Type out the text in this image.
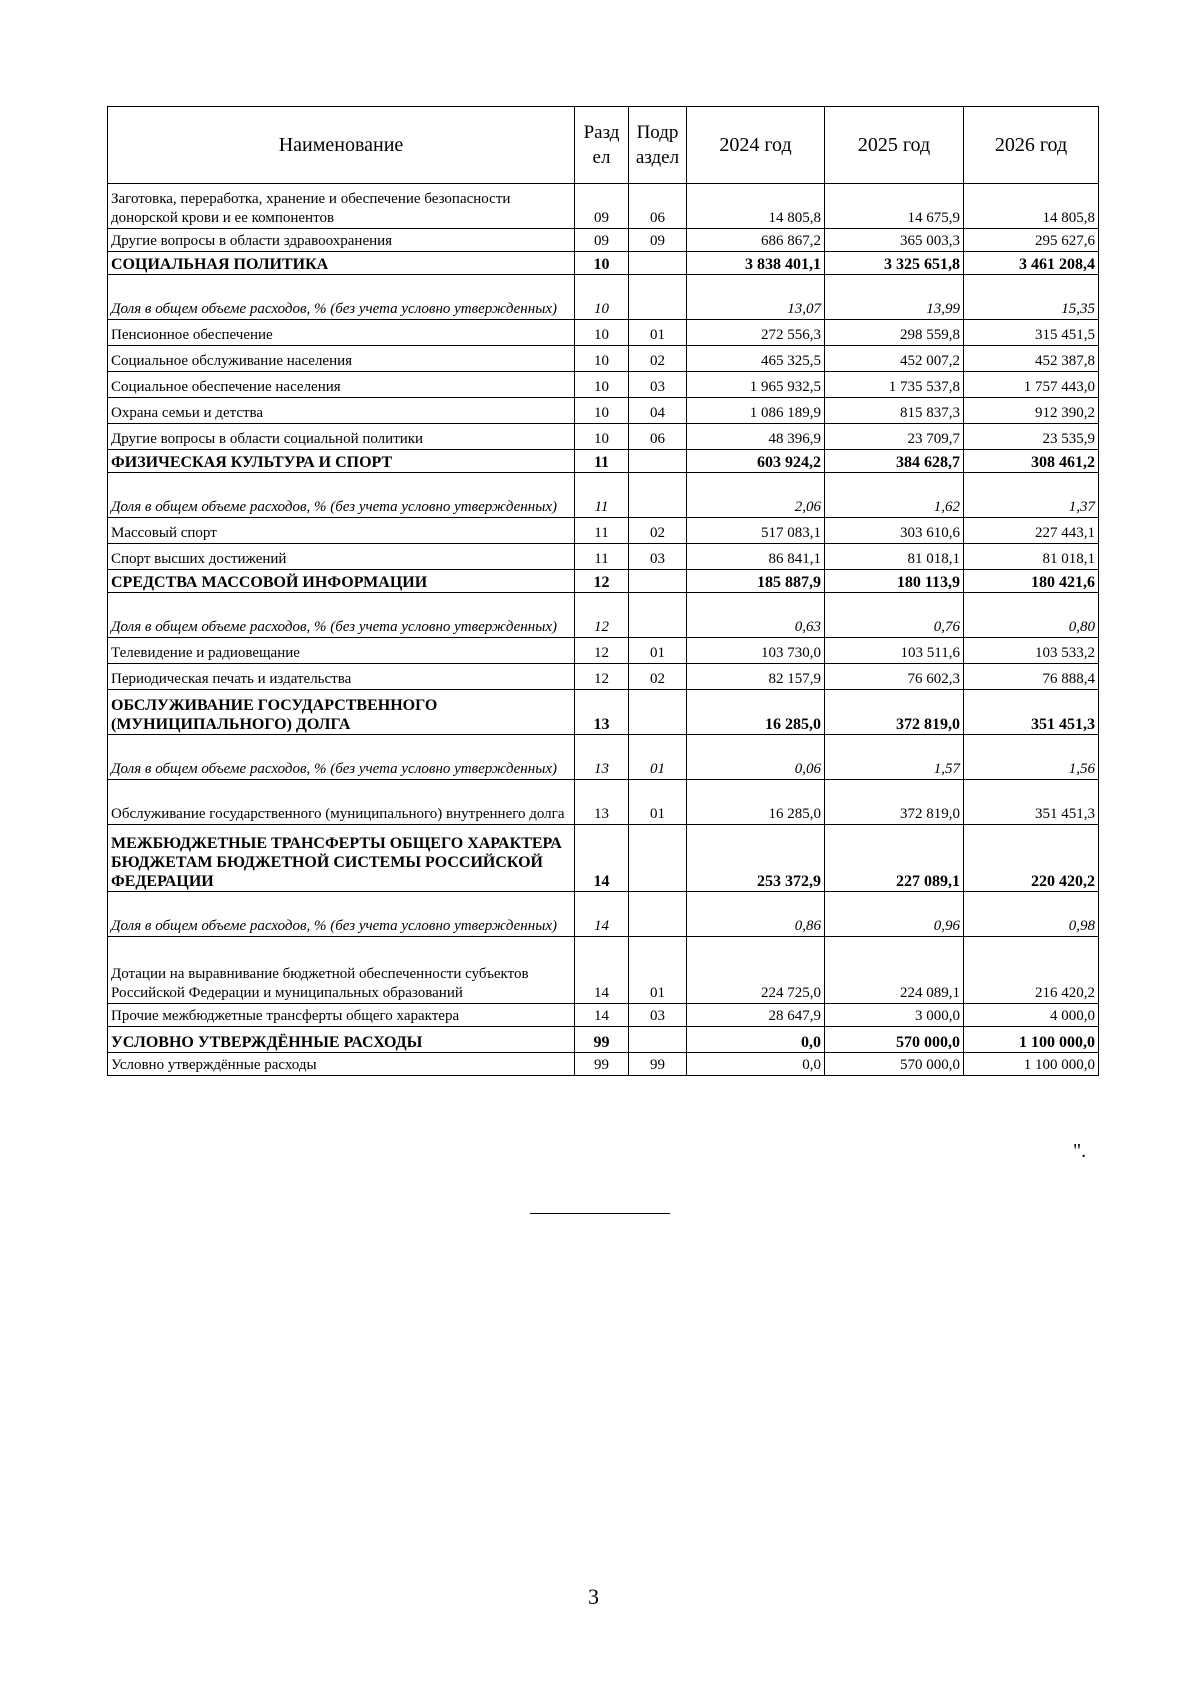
Наименование	Разд ел	Подр аздел	2024 год	2025 год	2026 год
Заготовка, переработка, хранение и обеспечение безопасности донорской крови и ее компонентов	09	06	14 805,8	14 675,9	14 805,8
Другие вопросы в области здравоохранения	09	09	686 867,2	365 003,3	295 627,6
СОЦИАЛЬНАЯ ПОЛИТИКА	10		3 838 401,1	3 325 651,8	3 461 208,4
Доля в общем объеме расходов, % (без учета условно утвержденных)	10		13,07	13,99	15,35
Пенсионное обеспечение	10	01	272 556,3	298 559,8	315 451,5
Социальное обслуживание населения	10	02	465 325,5	452 007,2	452 387,8
Социальное обеспечение населения	10	03	1 965 932,5	1 735 537,8	1 757 443,0
Охрана семьи и детства	10	04	1 086 189,9	815 837,3	912 390,2
Другие вопросы в области социальной политики	10	06	48 396,9	23 709,7	23 535,9
ФИЗИЧЕСКАЯ КУЛЬТУРА И СПОРТ	11		603 924,2	384 628,7	308 461,2
Доля в общем объеме расходов, % (без учета условно утвержденных)	11		2,06	1,62	1,37
Массовый спорт	11	02	517 083,1	303 610,6	227 443,1
Спорт высших достижений	11	03	86 841,1	81 018,1	81 018,1
СРЕДСТВА МАССОВОЙ ИНФОРМАЦИИ	12		185 887,9	180 113,9	180 421,6
Доля в общем объеме расходов, % (без учета условно утвержденных)	12		0,63	0,76	0,80
Телевидение и радиовещание	12	01	103 730,0	103 511,6	103 533,2
Периодическая печать и издательства	12	02	82 157,9	76 602,3	76 888,4
ОБСЛУЖИВАНИЕ ГОСУДАРСТВЕННОГО (МУНИЦИПАЛЬНОГО) ДОЛГА	13		16 285,0	372 819,0	351 451,3
Доля в общем объеме расходов, % (без учета условно утвержденных)	13	01	0,06	1,57	1,56
Обслуживание государственного (муниципального) внутреннего долга	13	01	16 285,0	372 819,0	351 451,3
МЕЖБЮДЖЕТНЫЕ ТРАНСФЕРТЫ ОБЩЕГО ХАРАКТЕРА БЮДЖЕТАМ БЮДЖЕТНОЙ СИСТЕМЫ РОССИЙСКОЙ ФЕДЕРАЦИИ	14		253 372,9	227 089,1	220 420,2
Доля в общем объеме расходов, % (без учета условно утвержденных)	14		0,86	0,96	0,98
Дотации на выравнивание бюджетной обеспеченности субъектов Российской Федерации и муниципальных образований	14	01	224 725,0	224 089,1	216 420,2
Прочие межбюджетные трансферты общего характера	14	03	28 647,9	3 000,0	4 000,0
УСЛОВНО УТВЕРЖДЁННЫЕ РАСХОДЫ	99		0,0	570 000,0	1 100 000,0
Условно утверждённые расходы	99	99	0,0	570 000,0	1 100 000,0
".
3
